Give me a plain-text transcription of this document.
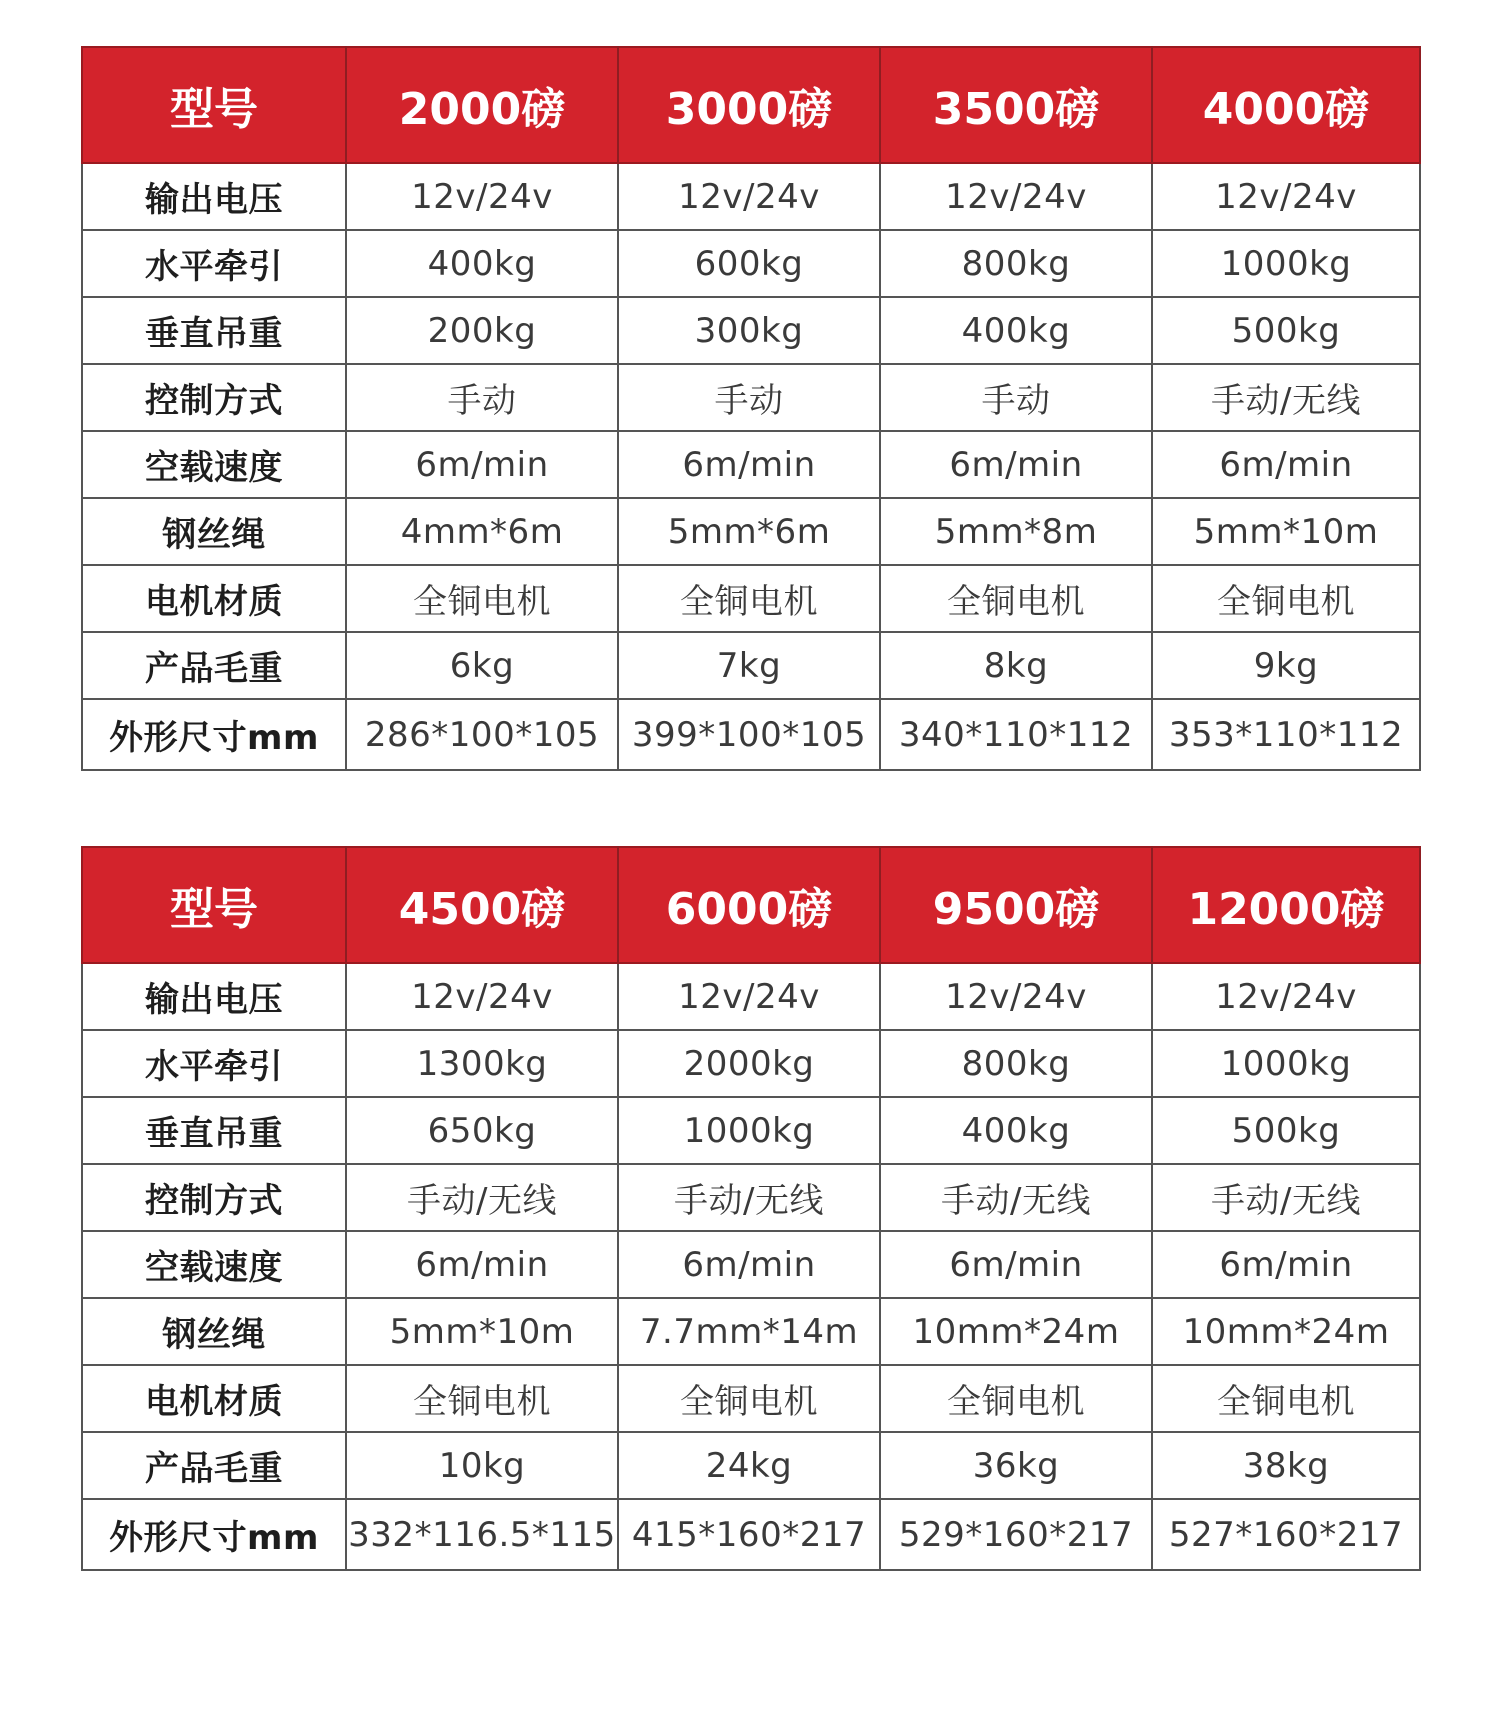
型号	2000磅	3000磅	3500磅	4000磅
输出电压	12v/24v	12v/24v	12v/24v	12v/24v
水平牵引	400kg	600kg	800kg	1000kg
垂直吊重	200kg	300kg	400kg	500kg
控制方式	手动	手动	手动	手动/无线
空载速度	6m/min	6m/min	6m/min	6m/min
钢丝绳	4mm*6m	5mm*6m	5mm*8m	5mm*10m
电机材质	全铜电机	全铜电机	全铜电机	全铜电机
产品毛重	6kg	7kg	8kg	9kg
外形尺寸mm	286*100*105	399*100*105	340*110*112	353*110*112
型号	4500磅	6000磅	9500磅	12000磅
输出电压	12v/24v	12v/24v	12v/24v	12v/24v
水平牵引	1300kg	2000kg	800kg	1000kg
垂直吊重	650kg	1000kg	400kg	500kg
控制方式	手动/无线	手动/无线	手动/无线	手动/无线
空载速度	6m/min	6m/min	6m/min	6m/min
钢丝绳	5mm*10m	7.7mm*14m	10mm*24m	10mm*24m
电机材质	全铜电机	全铜电机	全铜电机	全铜电机
产品毛重	10kg	24kg	36kg	38kg
外形尺寸mm	332*116.5*115	415*160*217	529*160*217	527*160*217
